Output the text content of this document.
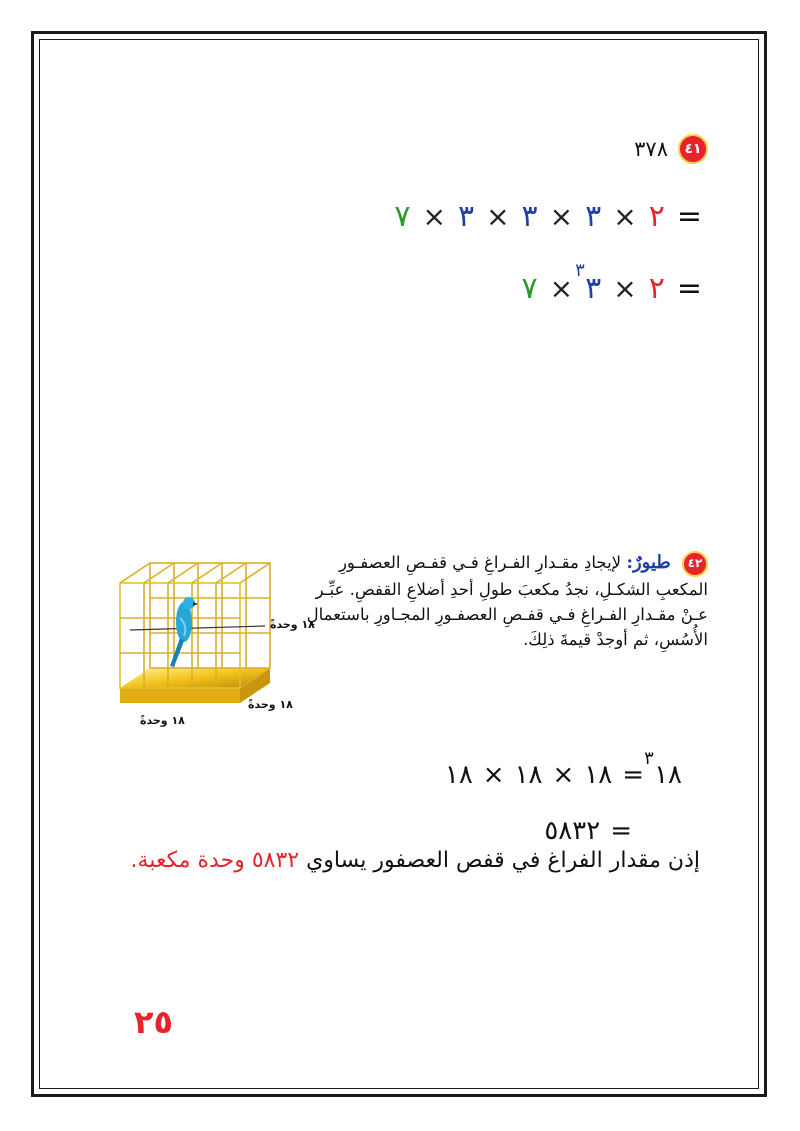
٤١
٣٧٨
=
٢
×
٣
×
٣
×
٣
×
٧
=
٢
×
٣
٣
×
٧
٤٢ طيورٌ: لإيجادِ مقـدارِ الفـراغِ فـي قفـصِ العصفـورِ المكعبِ الشكـلِ، نجدُ مكعبَ طولِ أحدِ أضلاعِ القفصِ. عبِّـر عـنْ مقـدارِ الفـراغِ فـي قفـصِ العصفـورِ المجـاورِ باستعمالِ الأُسُسِ، ثم أوجدْ قيمةَ ذلِكَ.
١٨ وحدةً
١٨ وحدةً
١٨ وحدةً
٣
١٨
=
١٨
×
١٨
×
١٨
=
٥٨٣٢
إذن مقدار الفراغ في قفص العصفور يساوي ٥٨٣٢ وحدة مكعبة.
٢٥
